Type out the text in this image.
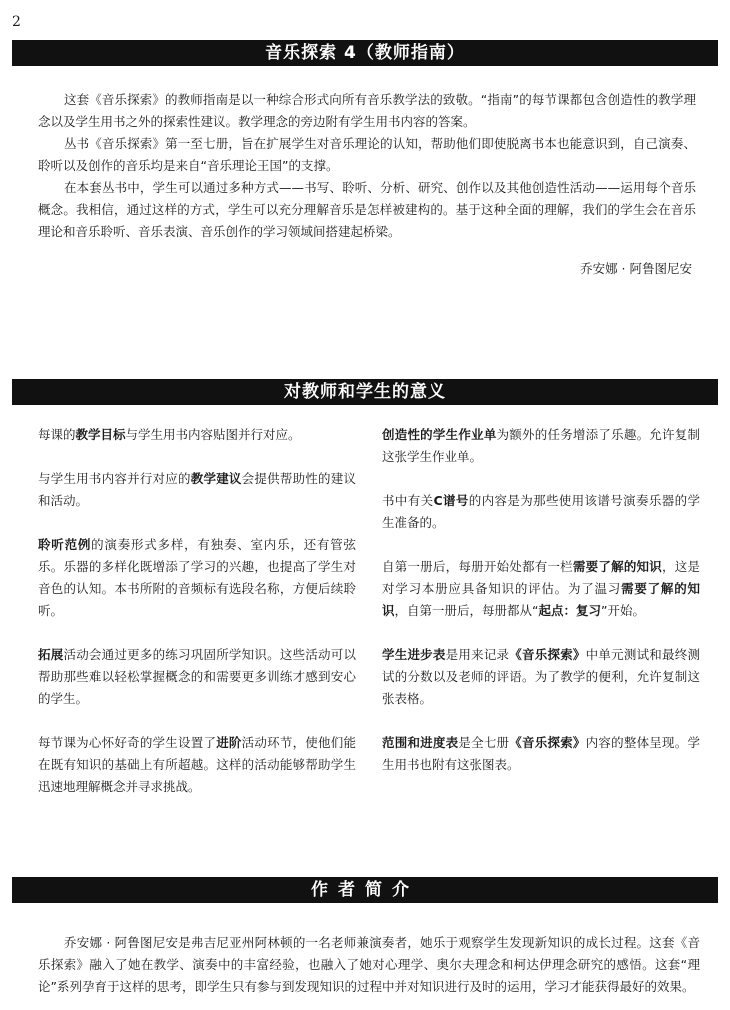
2
音乐探索 4（教师指南）

这套《音乐探索》的教师指南是以一种综合形式向所有音乐教学法的致敬。“指南”的每节课都包含创造性的教学理念以及学生用书之外的探索性建议。教学理念的旁边附有学生用书内容的答案。

丛书《音乐探索》第一至七册，旨在扩展学生对音乐理论的认知，帮助他们即使脱离书本也能意识到，自己演奏、聆听以及创作的音乐均是来自“音乐理论王国”的支撑。

在本套丛书中，学生可以通过多种方式——书写、聆听、分析、研究、创作以及其他创造性活动——运用每个音乐概念。我相信，通过这样的方式，学生可以充分理解音乐是怎样被建构的。基于这种全面的理解，我们的学生会在音乐理论和音乐聆听、音乐表演、音乐创作的学习领域间搭建起桥梁。

乔安娜 · 阿鲁图尼安
对教师和学生的意义

每课的教学目标与学生用书内容贴图并行对应。

与学生用书内容并行对应的教学建议会提供帮助性的建议和活动。

聆听范例的演奏形式多样，有独奏、室内乐，还有管弦乐。乐器的多样化既增添了学习的兴趣，也提高了学生对音色的认知。本书所附的音频标有选段名称，方便后续聆听。

拓展活动会通过更多的练习巩固所学知识。这些活动可以帮助那些难以轻松掌握概念的和需要更多训练才感到安心的学生。

每节课为心怀好奇的学生设置了进阶活动环节，使他们能在既有知识的基础上有所超越。这样的活动能够帮助学生迅速地理解概念并寻求挑战。

创造性的学生作业单为额外的任务增添了乐趣。允许复制这张学生作业单。

书中有关C谱号的内容是为那些使用该谱号演奏乐器的学生准备的。

自第一册后，每册开始处都有一栏需要了解的知识，这是对学习本册应具备知识的评估。为了温习需要了解的知识，自第一册后，每册都从“起点：复习”开始。

学生进步表是用来记录《音乐探索》中单元测试和最终测试的分数以及老师的评语。为了教学的便利，允许复制这张表格。

范围和进度表是全七册《音乐探索》内容的整体呈现。学生用书也附有这张图表。

作者简介

乔安娜 · 阿鲁图尼安是弗吉尼亚州阿林顿的一名老师兼演奏者，她乐于观察学生发现新知识的成长过程。这套《音乐探索》融入了她在教学、演奏中的丰富经验，也融入了她对心理学、奥尔夫理念和柯达伊理念研究的感悟。这套“理论”系列孕育于这样的思考，即学生只有参与到发现知识的过程中并对知识进行及时的运用，学习才能获得最好的效果。
